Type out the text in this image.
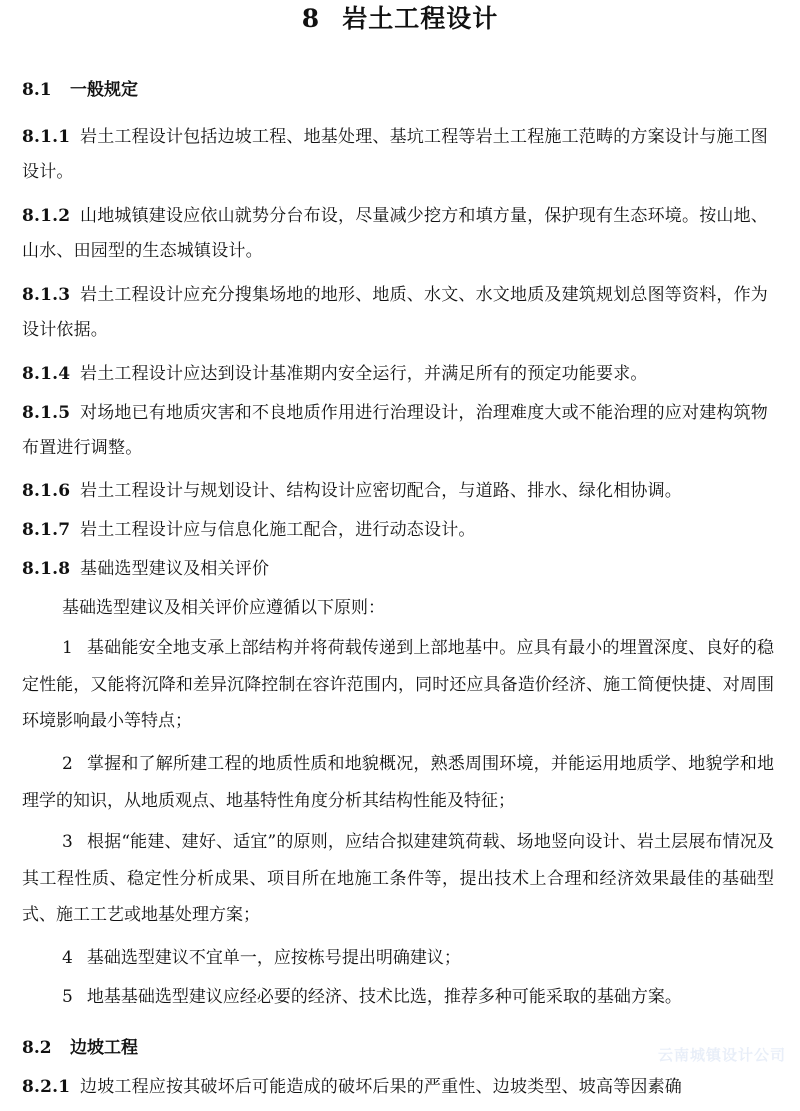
8 岩土工程设计
8.1 一般规定
8.1.1 岩土工程设计包括边坡工程、地基处理、基坑工程等岩土工程施工范畴的方案设计与施工图设计。
8.1.2 山地城镇建设应依山就势分台布设，尽量减少挖方和填方量，保护现有生态环境。按山地、山水、田园型的生态城镇设计。
8.1.3 岩土工程设计应充分搜集场地的地形、地质、水文、水文地质及建筑规划总图等资料，作为设计依据。
8.1.4 岩土工程设计应达到设计基准期内安全运行，并满足所有的预定功能要求。
8.1.5 对场地已有地质灾害和不良地质作用进行治理设计，治理难度大或不能治理的应对建构筑物布置进行调整。
8.1.6 岩土工程设计与规划设计、结构设计应密切配合，与道路、排水、绿化相协调。
8.1.7 岩土工程设计应与信息化施工配合，进行动态设计。
8.1.8 基础选型建议及相关评价
基础选型建议及相关评价应遵循以下原则：
1 基础能安全地支承上部结构并将荷载传递到上部地基中。应具有最小的埋置深度、良好的稳定性能，又能将沉降和差异沉降控制在容许范围内，同时还应具备造价经济、施工简便快捷、对周围环境影响最小等特点；
2 掌握和了解所建工程的地质性质和地貌概况，熟悉周围环境，并能运用地质学、地貌学和地理学的知识，从地质观点、地基特性角度分析其结构性能及特征；
3 根据“能建、建好、适宜”的原则，应结合拟建建筑荷载、场地竖向设计、岩土层展布情况及其工程性质、稳定性分析成果、项目所在地施工条件等，提出技术上合理和经济效果最佳的基础型式、施工工艺或地基处理方案；
4 基础选型建议不宜单一，应按栋号提出明确建议；
5 地基基础选型建议应经必要的经济、技术比选，推荐多种可能采取的基础方案。
8.2 边坡工程
8.2.1 边坡工程应按其破坏后可能造成的破坏后果的严重性、边坡类型、坡高等因素确
云南城镇设计公司
